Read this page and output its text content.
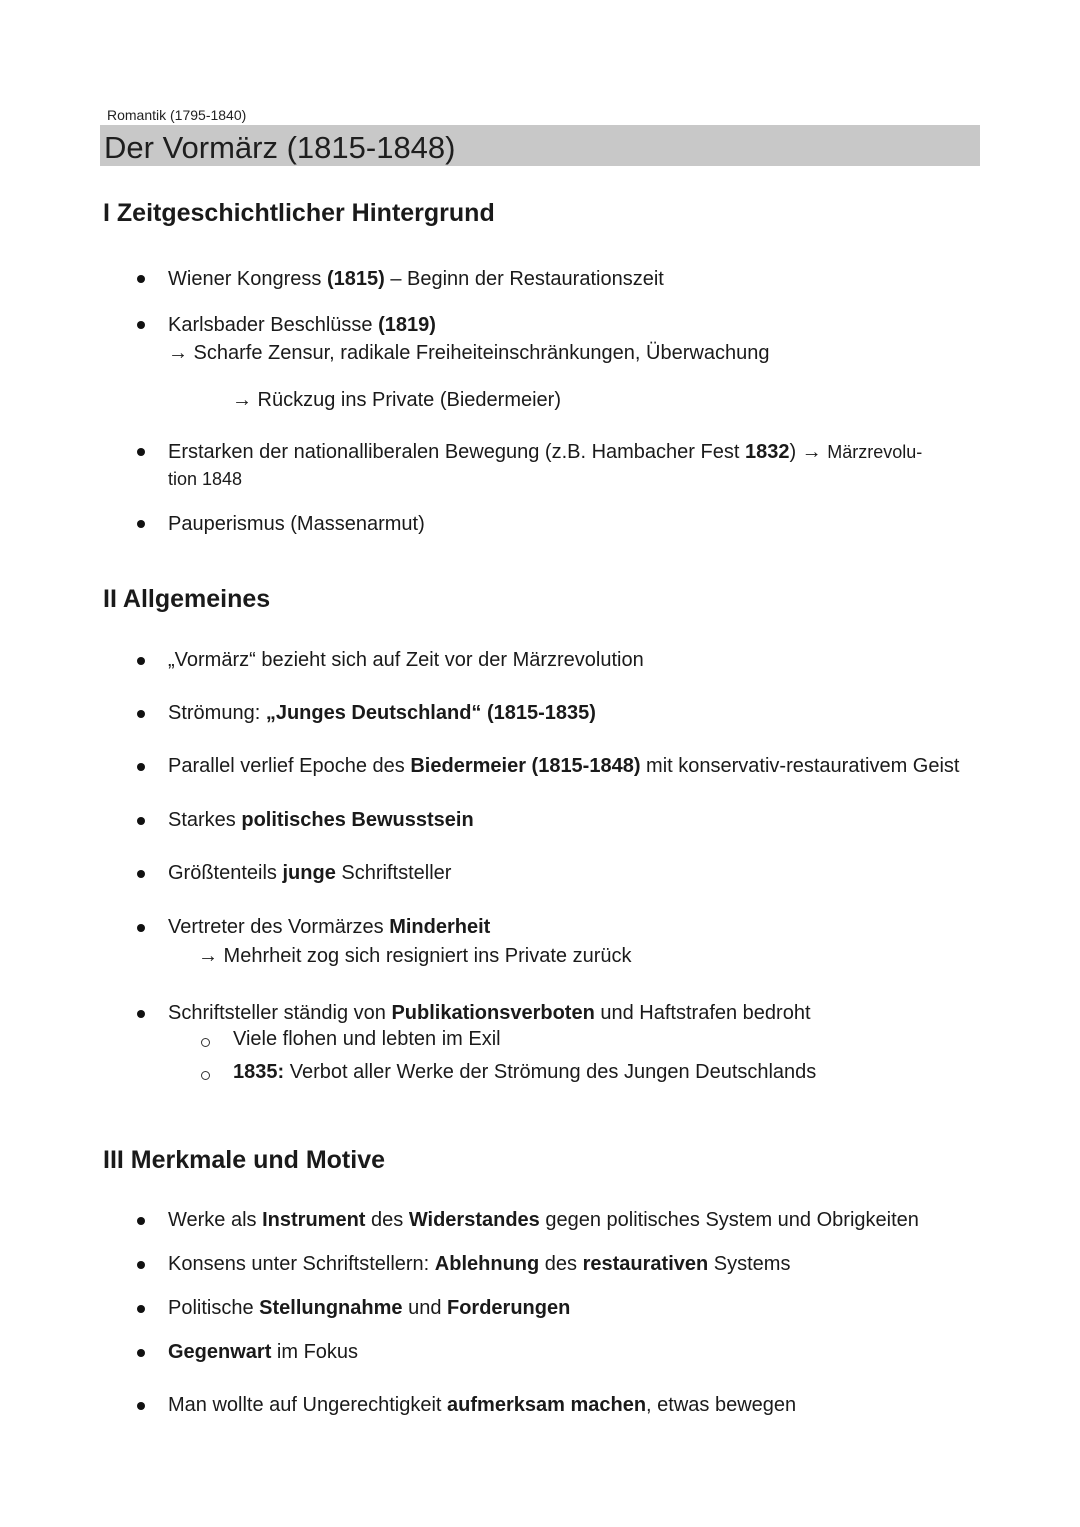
Romantik (1795-1840)
Der Vormärz (1815-1848)
I Zeitgeschichtlicher Hintergrund
Wiener Kongress (1815) – Beginn der Restaurationszeit
Karlsbader Beschlüsse (1819)
→ Scharfe Zensur, radikale Freiheiteinschränkungen, Überwachung
→ Rückzug ins Private (Biedermeier)
Erstarken der nationalliberalen Bewegung (z.B. Hambacher Fest 1832) → Märzrevolu-
tion 1848
Pauperismus (Massenarmut)
II Allgemeines
„Vormärz“ bezieht sich auf Zeit vor der Märzrevolution
Strömung: „Junges Deutschland“ (1815-1835)
Parallel verlief Epoche des Biedermeier (1815-1848) mit konservativ-restaurativem Geist
Starkes politisches Bewusstsein
Größtenteils junge Schriftsteller
Vertreter des Vormärzes Minderheit
→ Mehrheit zog sich resigniert ins Private zurück
Schriftsteller ständig von Publikationsverboten und Haftstrafen bedroht
Viele flohen und lebten im Exil
1835: Verbot aller Werke der Strömung des Jungen Deutschlands
III Merkmale und Motive
Werke als Instrument des Widerstandes gegen politisches System und Obrigkeiten
Konsens unter Schriftstellern: Ablehnung des restaurativen Systems
Politische Stellungnahme und Forderungen
Gegenwart im Fokus
Man wollte auf Ungerechtigkeit aufmerksam machen, etwas bewegen
